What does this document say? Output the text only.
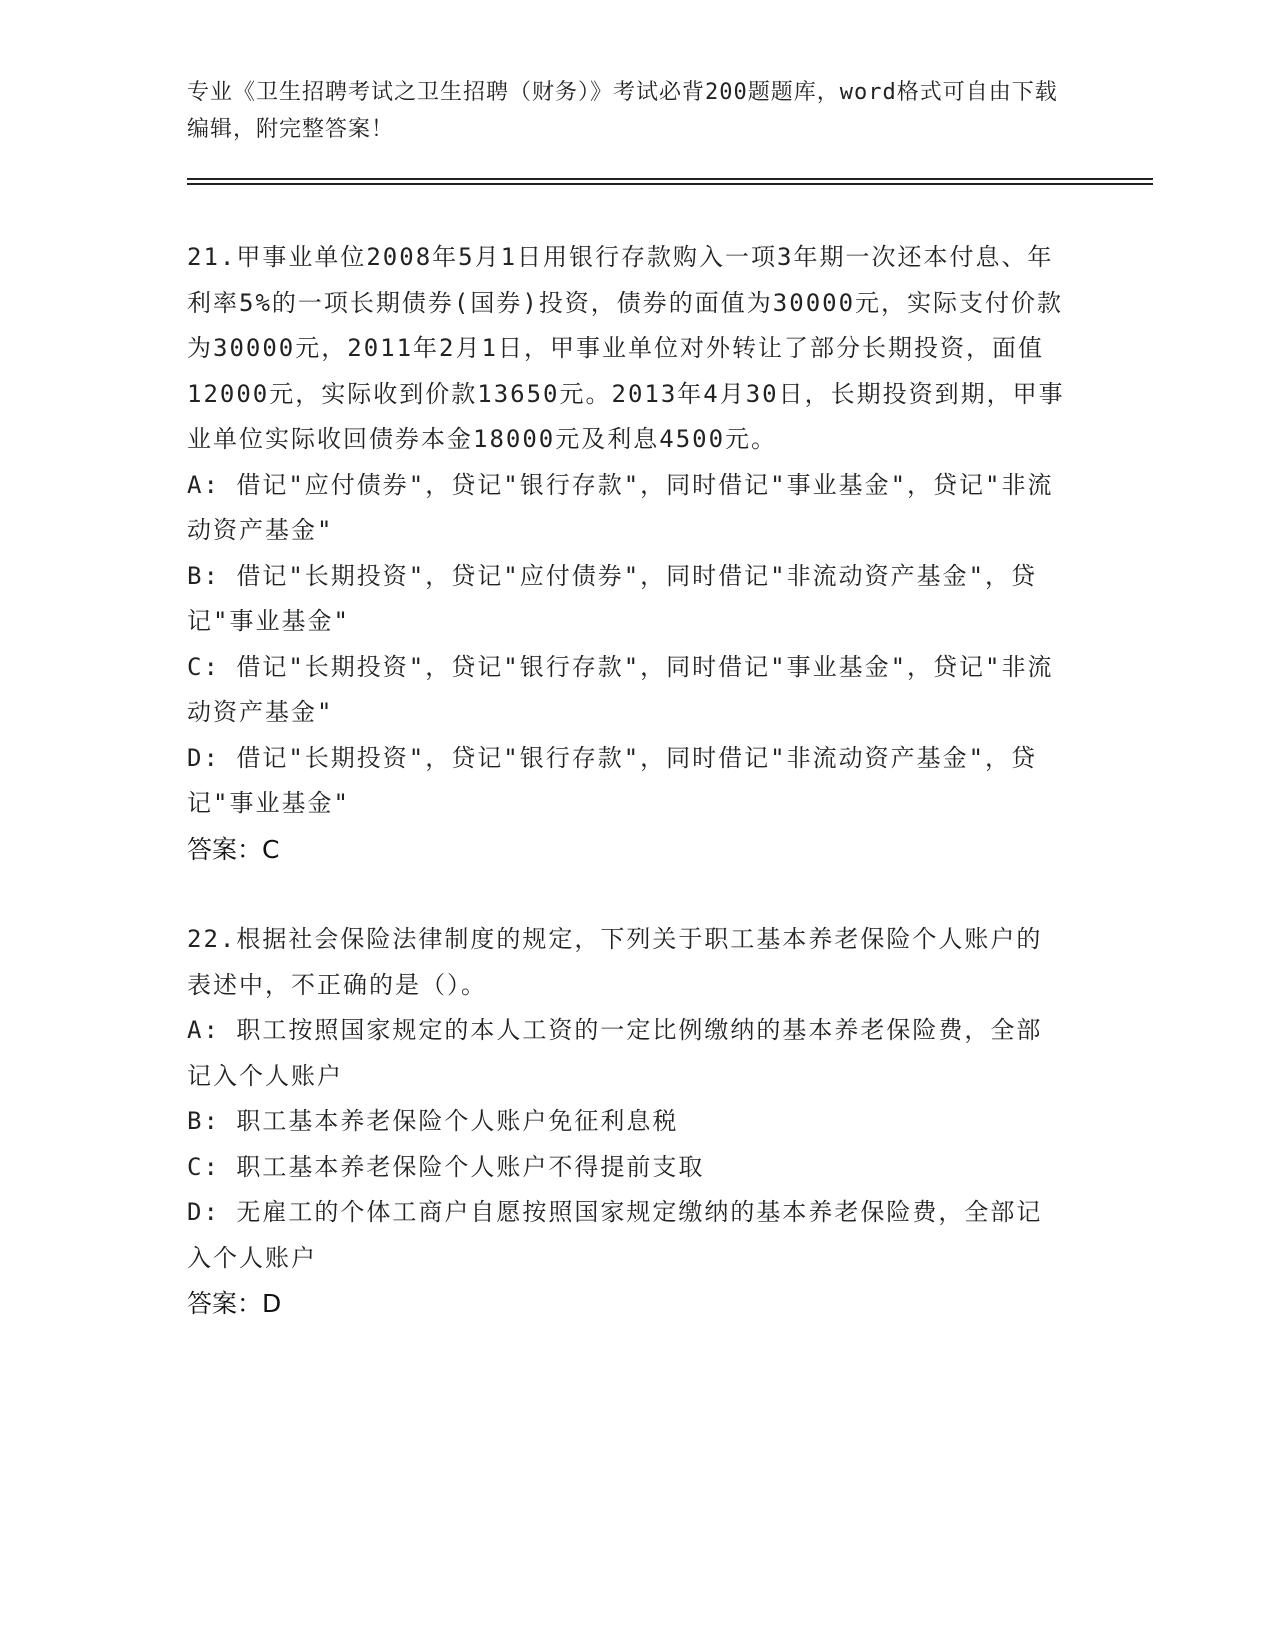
专业《卫生招聘考试之卫生招聘（财务）》考试必背200题题库，word格式可自由下载编辑，附完整答案！
21.甲事业单位2008年5月1日用银行存款购入一项3年期一次还本付息、年利率5%的一项长期债券(国券)投资，债券的面值为30000元，实际支付价款为30000元，2011年2月1日，甲事业单位对外转让了部分长期投资，面值12000元，实际收到价款13650元。2013年4月30日，长期投资到期，甲事业单位实际收回债券本金18000元及利息4500元。
A: 借记"应付债券"，贷记"银行存款"，同时借记"事业基金"，贷记"非流动资产基金"
B: 借记"长期投资"，贷记"应付债券"，同时借记"非流动资产基金"，贷记"事业基金"
C: 借记"长期投资"，贷记"银行存款"，同时借记"事业基金"，贷记"非流动资产基金"
D: 借记"长期投资"，贷记"银行存款"，同时借记"非流动资产基金"，贷记"事业基金"
答案：C
22.根据社会保险法律制度的规定，下列关于职工基本养老保险个人账户的表述中，不正确的是（）。
A: 职工按照国家规定的本人工资的一定比例缴纳的基本养老保险费，全部记入个人账户
B: 职工基本养老保险个人账户免征利息税
C: 职工基本养老保险个人账户不得提前支取
D: 无雇工的个体工商户自愿按照国家规定缴纳的基本养老保险费，全部记入个人账户
答案：D
